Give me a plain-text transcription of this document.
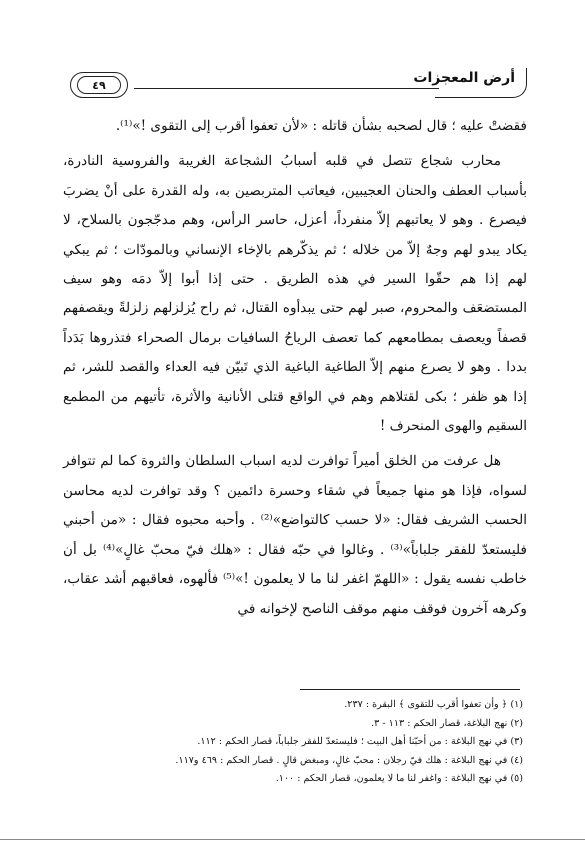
أرض المعجزات
٤٩

فقضتْ عليه ؛ قال لصحبه بشأن قاتله : «لأن تعفوا أقرب إلى التقوى !»⁽¹⁾.

محارب شجاع تتصل في قلبه أسبابُ الشجاعة الغريبة والفروسية النادرة، بأسباب العطف والحنان العجيبين، فيعاتب المتربصين به، وله القدرة على أنْ يضربَ فيصرع . وهو لا يعاتبهم إلاّ منفرداً، أعزل، حاسر الرأس، وهم مدجّجون بالسلاح، لا يكاد يبدو لهم وجهٌ إلاّ من خلاله ؛ ثم يذكّرهم بالإخاء الإنساني وبالمودّات ؛ ثم يبكي لهم إذا هم حقّوا السير في هذه الطريق . حتى إذا أبوا إلاّ دمَه وهو سيف المستضعَف والمحروم، صبر لهم حتى يبدأوه القتال، ثم راح يُزلزلهم زلزلةً ويقصفهم قصفاً ويعصف بمطامعهم كما تعصف الرياحُ السافيات برمال الصحراء فتذروها بَدَداً بددا . وهو لا يصرع منهم إلاّ الطاغية الباغية الذي تَبيّن فيه العداء والقصد للشر، ثم إذا هو ظفر ؛ بكى لقتلاهم وهم في الواقع قتلى الأنانية والأثرة، تأتيهم من المطمع السقيم والهوى المنحرف !

هل عرفت من الخلق أميراً توافرت لديه اسباب السلطان والثروة كما لم تتوافر لسواه، فإذا هو منها جميعاً في شقاء وحسرة دائمين ؟ وقد توافرت لديه محاسن الحسب الشريف فقال: «لا حسب كالتواضع»⁽²⁾ . وأحبه محبوه فقال : «من أحبني فليستعدّ للفقر جلباباً»⁽³⁾ . وغالوا في حبّه فقال : «هلك فيّ محبّ غالٍ»⁽⁴⁾ بل أن خاطب نفسه يقول : «اللهمّ اغفر لنا ما لا يعلمون !»⁽⁵⁾ فألهوه، فعاقبهم أشد عقاب، وكرهه آخرون فوقف منهم موقف الناصح لإخوانه في

(١) ﴿ وأن تعفوا أقرب للتقوى ﴾ البقرة : ٢٣٧.
(٢) نهج البلاغة، قصار الحكم : ١١٣ - ٣.
(٣) في نهج البلاغة : من أحبّنا أهل البيت ؛ فليستعدّ للفقر جلباباً، قصار الحكم : ١١٢.
(٤) في نهج البلاغة : هلك فيّ رجلان : محبّ غالٍ، ومبغض قالٍ . قصار الحكم : ٤٦٩ و١١٧.
(٥) في نهج البلاغة : واغفر لنا ما لا يعلمون، قصار الحكم : ١٠٠.
